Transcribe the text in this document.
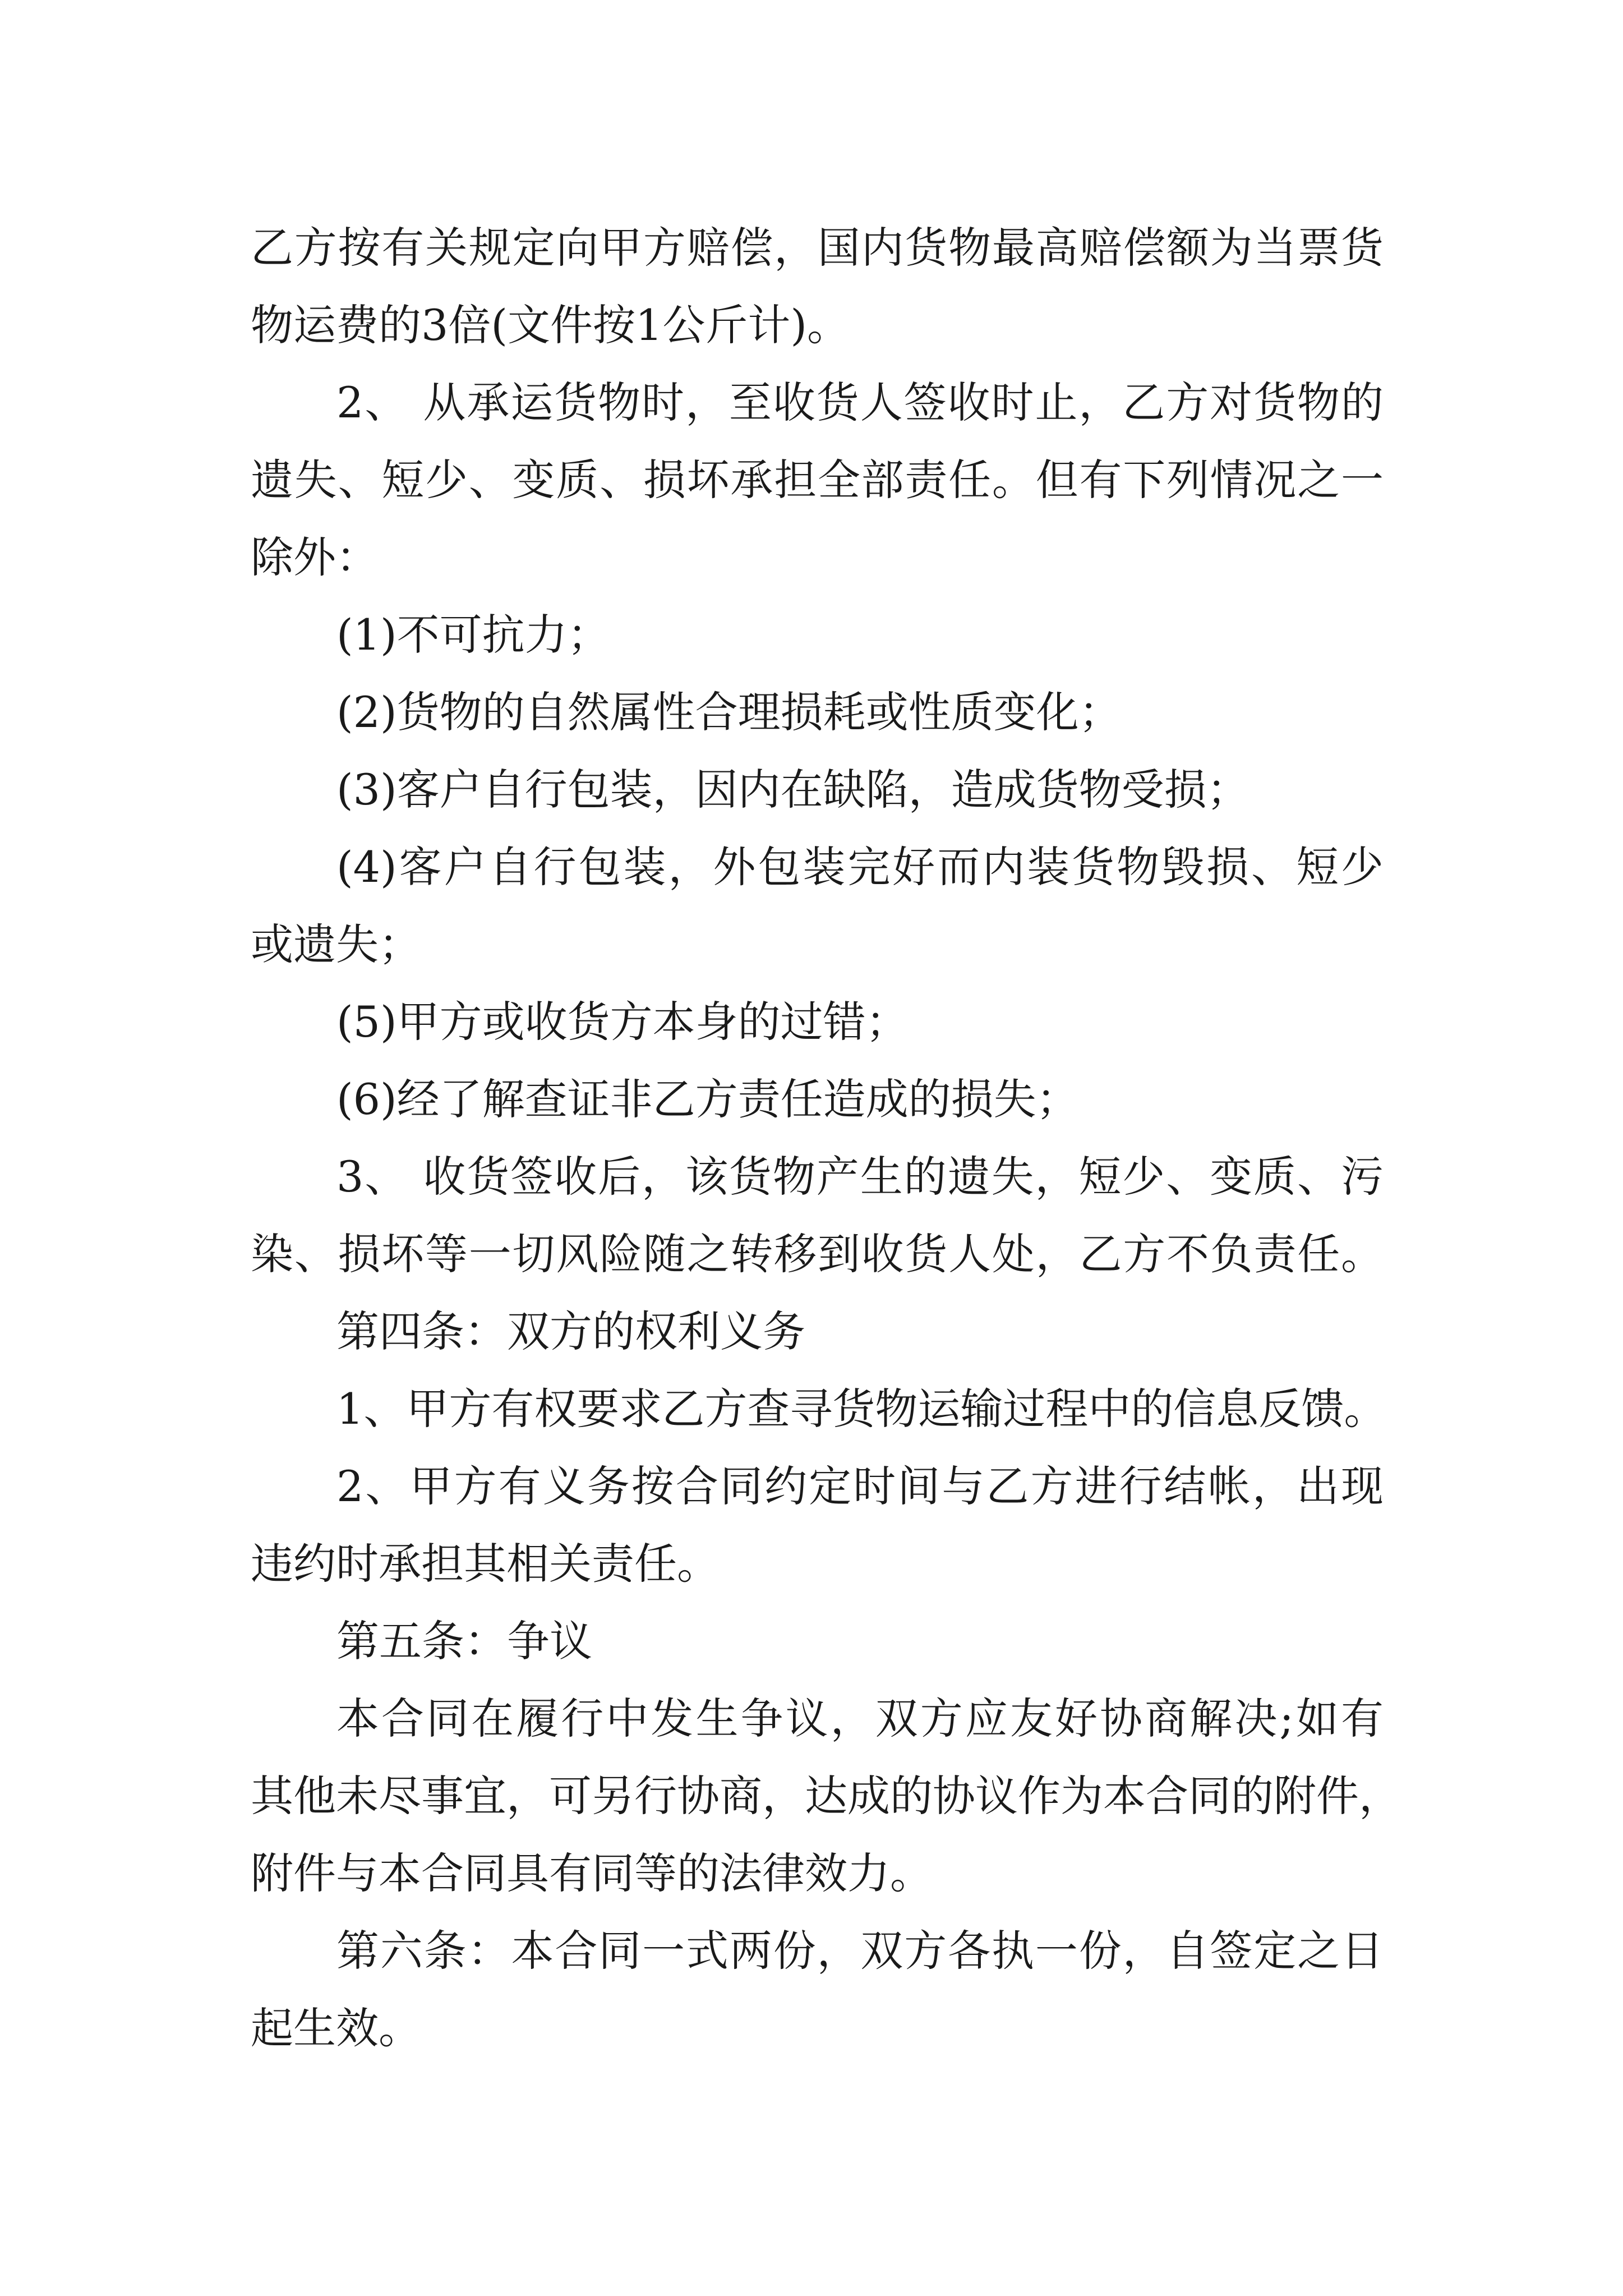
乙方按有关规定向甲方赔偿，国内货物最高赔偿额为当票货

物运费的3倍(文件按1公斤计)。

2、 从承运货物时，至收货人签收时止，乙方对货物的

遗失、短少、变质、损坏承担全部责任。但有下列情况之一

除外：

(1)不可抗力；

(2)货物的自然属性合理损耗或性质变化；

(3)客户自行包装，因内在缺陷，造成货物受损；

(4)客户自行包装，外包装完好而内装货物毁损、短少

或遗失；

(5)甲方或收货方本身的过错；

(6)经了解查证非乙方责任造成的损失；

3、 收货签收后，该货物产生的遗失，短少、变质、污

染、损坏等一切风险随之转移到收货人处，乙方不负责任。

第四条：双方的权利义务

1、甲方有权要求乙方查寻货物运输过程中的信息反馈。

2、甲方有义务按合同约定时间与乙方进行结帐，出现

违约时承担其相关责任。

第五条：争议

本合同在履行中发生争议，双方应友好协商解决;如有

其他未尽事宜，可另行协商，达成的协议作为本合同的附件，

附件与本合同具有同等的法律效力。

第六条：本合同一式两份，双方各执一份，自签定之日

起生效。
